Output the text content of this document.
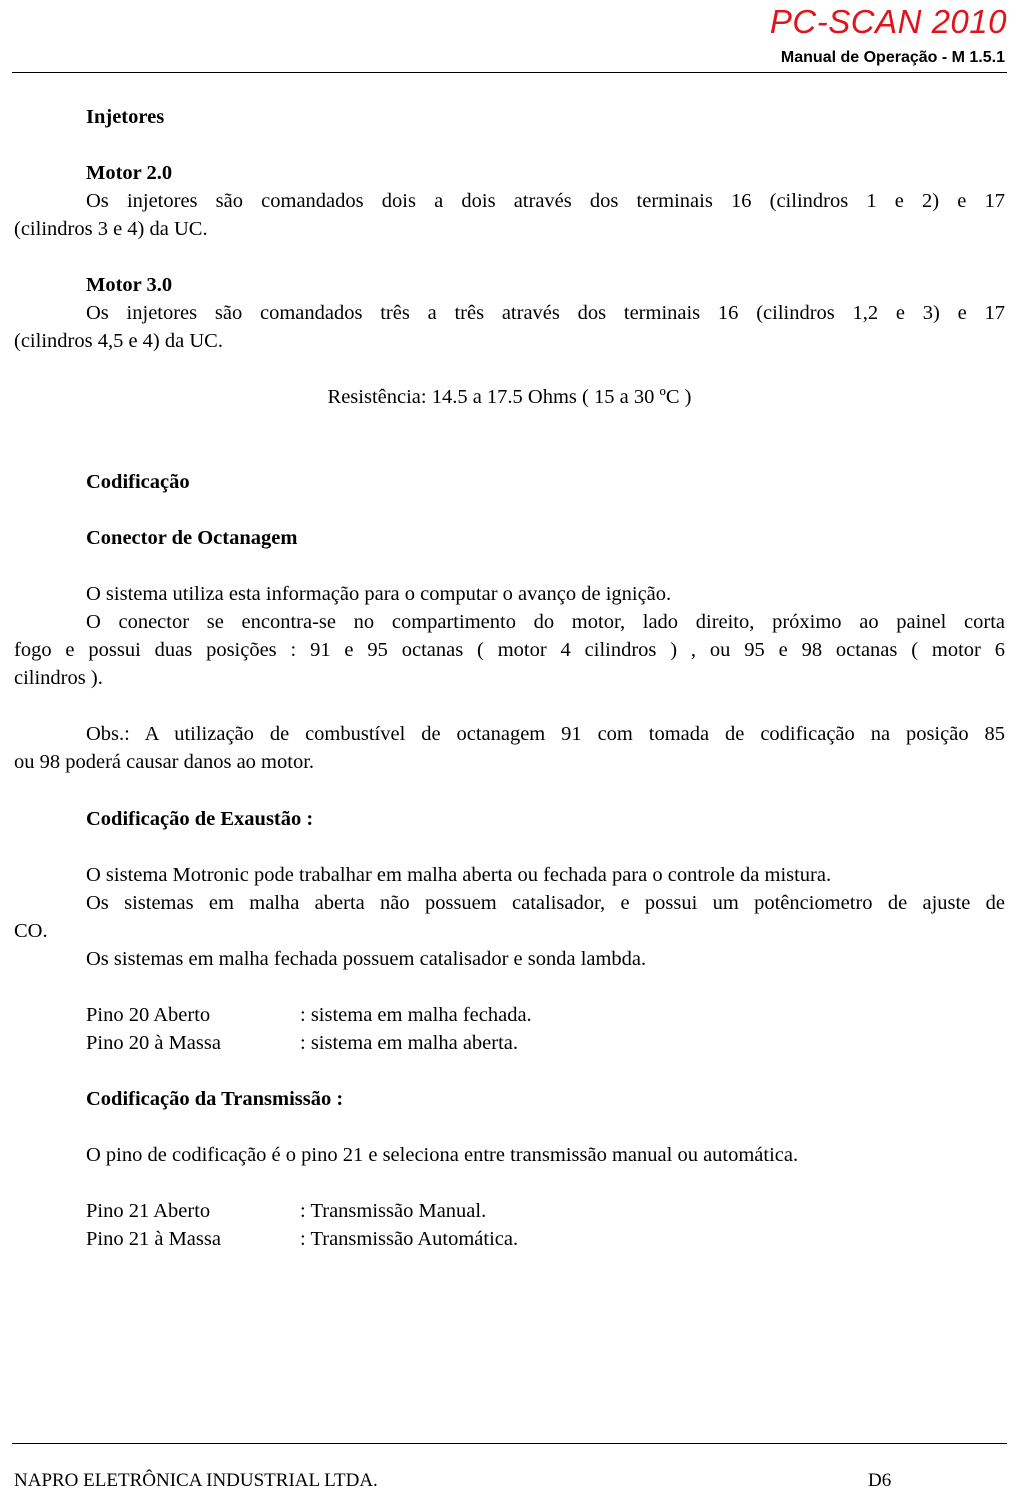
PC-SCAN 2010
Manual de Operação - M 1.5.1
Injetores
Motor 2.0
Os injetores são comandados dois a dois através dos terminais 16 (cilindros 1 e 2) e 17
(cilindros 3 e 4) da UC.
Motor 3.0
Os injetores são comandados três a três através dos terminais 16 (cilindros 1,2 e 3) e 17
(cilindros 4,5 e 4) da UC.
Resistência: 14.5 a 17.5 Ohms ( 15 a 30 ºC )
Codificação
Conector de Octanagem
O sistema utiliza esta informação para o computar o avanço de ignição.
O conector se encontra-se no compartimento do motor, lado direito, próximo ao painel corta
fogo e possui duas posições : 91 e 95 octanas ( motor 4 cilindros ) , ou 95 e 98 octanas ( motor 6
cilindros ).
Obs.: A utilização de combustível de octanagem 91 com tomada de codificação na posição 85
ou 98 poderá causar danos ao motor.
Codificação de Exaustão :
O sistema Motronic pode trabalhar em malha aberta ou fechada para o controle da mistura.
Os sistemas em malha aberta não possuem catalisador, e possui um potênciometro de ajuste de
CO.
Os sistemas em malha fechada possuem catalisador e sonda lambda.
Pino 20 Aberto	: sistema em malha fechada.
Pino 20 à Massa	: sistema em malha aberta.
Codificação da Transmissão :
O pino de codificação é o pino 21 e seleciona entre transmissão manual ou automática.
Pino 21 Aberto	: Transmissão Manual.
Pino 21 à Massa	: Transmissão Automática.
NAPRO ELETRÔNICA INDUSTRIAL LTDA.	D6
